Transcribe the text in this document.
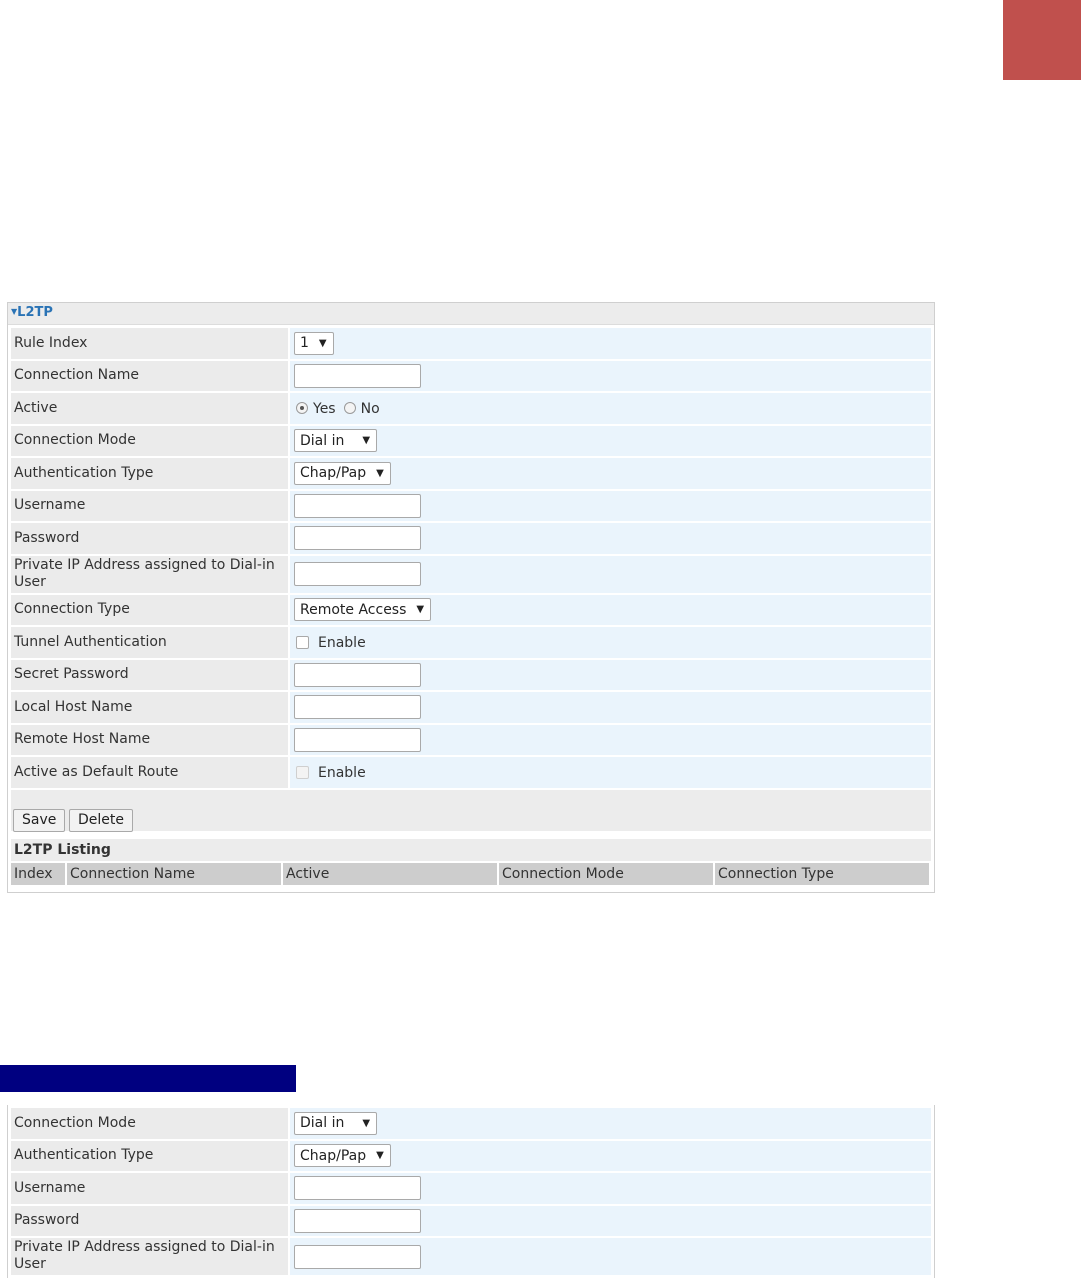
▼L2TP
Rule Index	1 ▼
Connection Name
Active	Yes No
Connection Mode	Dial in ▼
Authentication Type	Chap/Pap ▼
Username
Password
Private IP Address assigned to Dial-in User
Connection Type	Remote Access ▼
Tunnel Authentication	Enable
Secret Password
Local Host Name
Remote Host Name
Active as Default Route	Enable
Save	Delete
L2TP Listing
Index	Connection Name	Active	Connection Mode	Connection Type
Connection Mode	Dial in ▼
Authentication Type	Chap/Pap ▼
Username
Password
Private IP Address assigned to Dial-in User
